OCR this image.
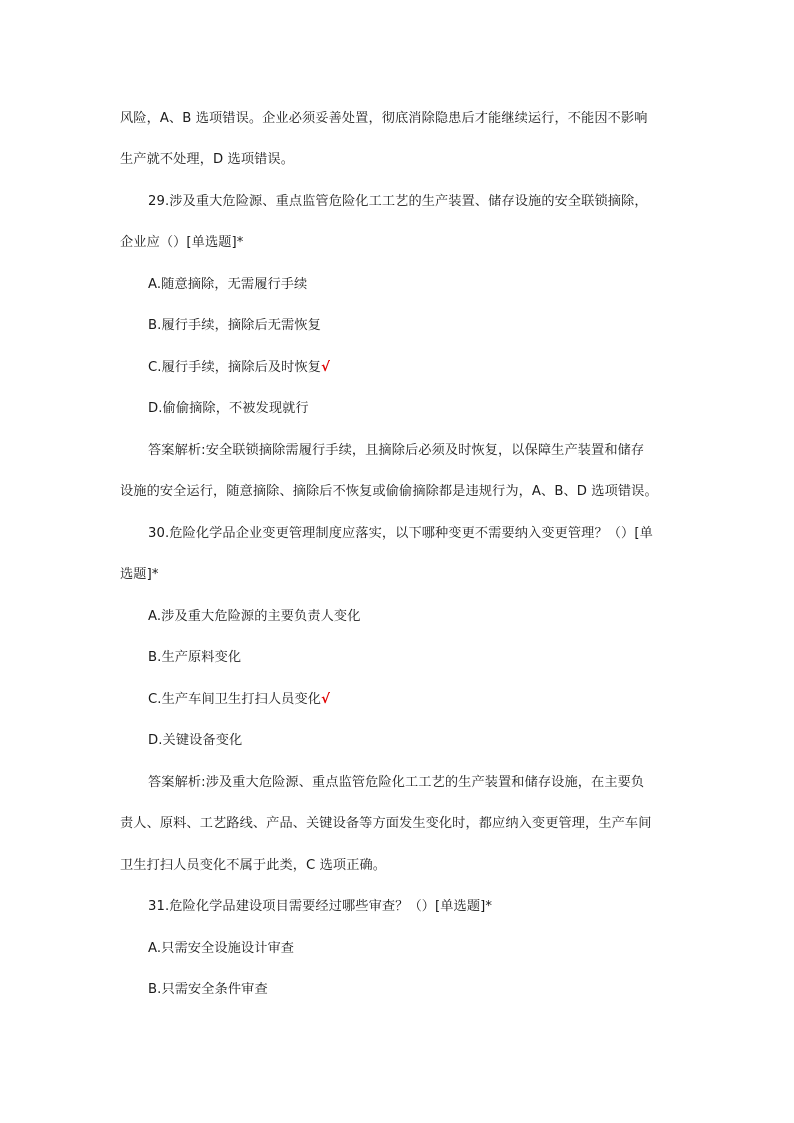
风险，A、B 选项错误。企业必须妥善处置，彻底消除隐患后才能继续运行，不能因不影响
生产就不处理，D 选项错误。
29.涉及重大危险源、重点监管危险化工工艺的生产装置、储存设施的安全联锁摘除，
企业应（）[单选题]*
A.随意摘除，无需履行手续
B.履行手续，摘除后无需恢复
C.履行手续，摘除后及时恢复√
D.偷偷摘除，不被发现就行
答案解析:安全联锁摘除需履行手续，且摘除后必须及时恢复，以保障生产装置和储存
设施的安全运行，随意摘除、摘除后不恢复或偷偷摘除都是违规行为，A、B、D 选项错误。
30.危险化学品企业变更管理制度应落实，以下哪种变更不需要纳入变更管理？（）[单
选题]*
A.涉及重大危险源的主要负责人变化
B.生产原料变化
C.生产车间卫生打扫人员变化√
D.关键设备变化
答案解析:涉及重大危险源、重点监管危险化工工艺的生产装置和储存设施，在主要负
责人、原料、工艺路线、产品、关键设备等方面发生变化时，都应纳入变更管理，生产车间
卫生打扫人员变化不属于此类，C 选项正确。
31.危险化学品建设项目需要经过哪些审查？（）[单选题]*
A.只需安全设施设计审查
B.只需安全条件审查
